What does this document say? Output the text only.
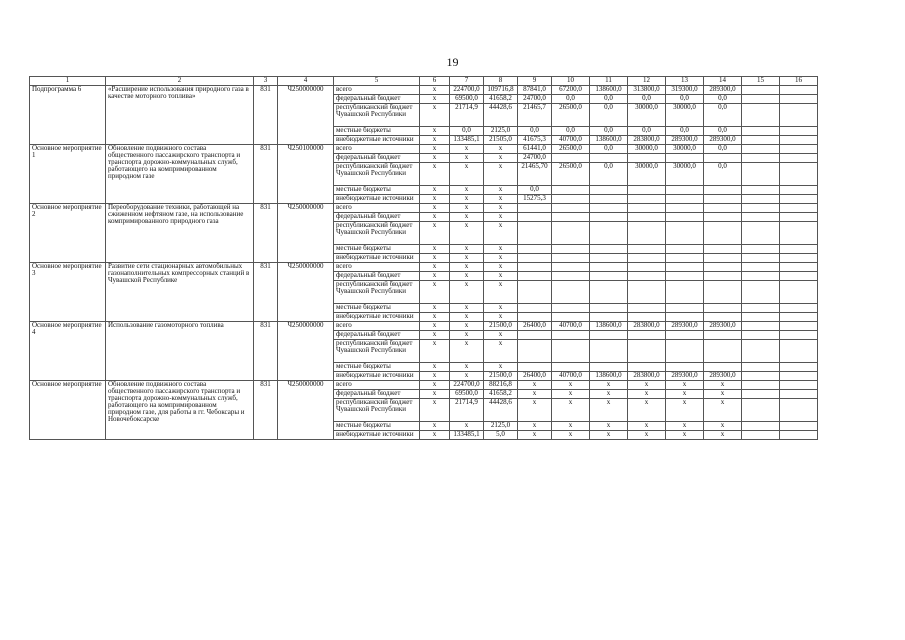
19
1	2	3	4	5	6	7	8	9	10	11	12	13	14	15	16
Подпрограмма 6	«Расширение использования природного газа в качестве моторного топлива»	831	Ч250000000	всего	x	224700,0	109716,8	87841,0	67200,0	138600,0	313800,0	319300,0	289300,0		
				федеральный бюджет	x	69500,0	41658,2	24700,0	0,0	0,0	0,0	0,0	0,0		
				республиканский бюджет Чувашской Республики	x	21714,9	44428,6	21465,7	26500,0	0,0	30000,0	30000,0	0,0		
				местные бюджеты	x	0,0	2125,0	0,0	0,0	0,0	0,0	0,0	0,0		
				внебюджетные источники	x	133485,1	21505,0	41675,3	40700,0	138600,0	283800,0	289300,0	289300,0		
Основное мероприятие 1	Обновление подвижного состава общественного пассажирского транспорта и транспорта дорожно-коммунальных служб, работающего на компримированном природном газе	831	Ч250100000	всего	x	x	x	61441,0	26500,0	0,0	30000,0	30000,0	0,0		
				федеральный бюджет	x	x	x	24700,0							
				республиканский бюджет Чувашской Республики	x	x	x	21465,70	26500,0	0,0	30000,0	30000,0	0,0		
				местные бюджеты	x	x	x	0,0							
				внебюджетные источники	x	x	x	15275,3							
Основное мероприятие 2	Переоборудование техники, работающей на сжиженном нефтяном газе, на использование компримированного природного газа	831	Ч250000000	всего	x	x	x								
				федеральный бюджет	x	x	x								
				республиканский бюджет Чувашской Республики	x	x	x								
				местные бюджеты	x	x	x								
				внебюджетные источники	x	x	x								
Основное мероприятие 3	Развитие сети стационарных автомобильных газонаполнительных компрессорных станций в Чувашской Республике	831	Ч250000000	всего	x	x	x								
				федеральный бюджет	x	x	x								
				республиканский бюджет Чувашской Республики	x	x	x								
				местные бюджеты	x	x	x								
				внебюджетные источники	x	x	x								
Основное мероприятие 4	Использование газомоторного топлива	831	Ч250000000	всего	x	x	21500,0	26400,0	40700,0	138600,0	283800,0	289300,0	289300,0		
				федеральный бюджет	x	x	x								
				республиканский бюджет Чувашской Республики	x	x	x								
				местные бюджеты	x	x	x								
				внебюджетные источники	x	x	21500,0	26400,0	40700,0	138600,0	283800,0	289300,0	289300,0		
Основное мероприятие	Обновление подвижного состава общественного пассажирского транспорта и транспорта дорожно-коммунальных служб, работающего на компримированном природном газе, для работы в гг. Чебоксары и Новочебоксарске	831	Ч250000000	всего	x	224700,0	88216,8	x	x	x	x	x	x		
				федеральный бюджет	x	69500,0	41658,2	x	x	x	x	x	x		
				республиканский бюджет Чувашской Республики	x	21714,9	44428,6	x	x	x	x	x	x		
				местные бюджеты	x	x	2125,0	x	x	x	x	x	x		
				внебюджетные источники	x	133485,1	5,0	x	x	x	x	x	x		
